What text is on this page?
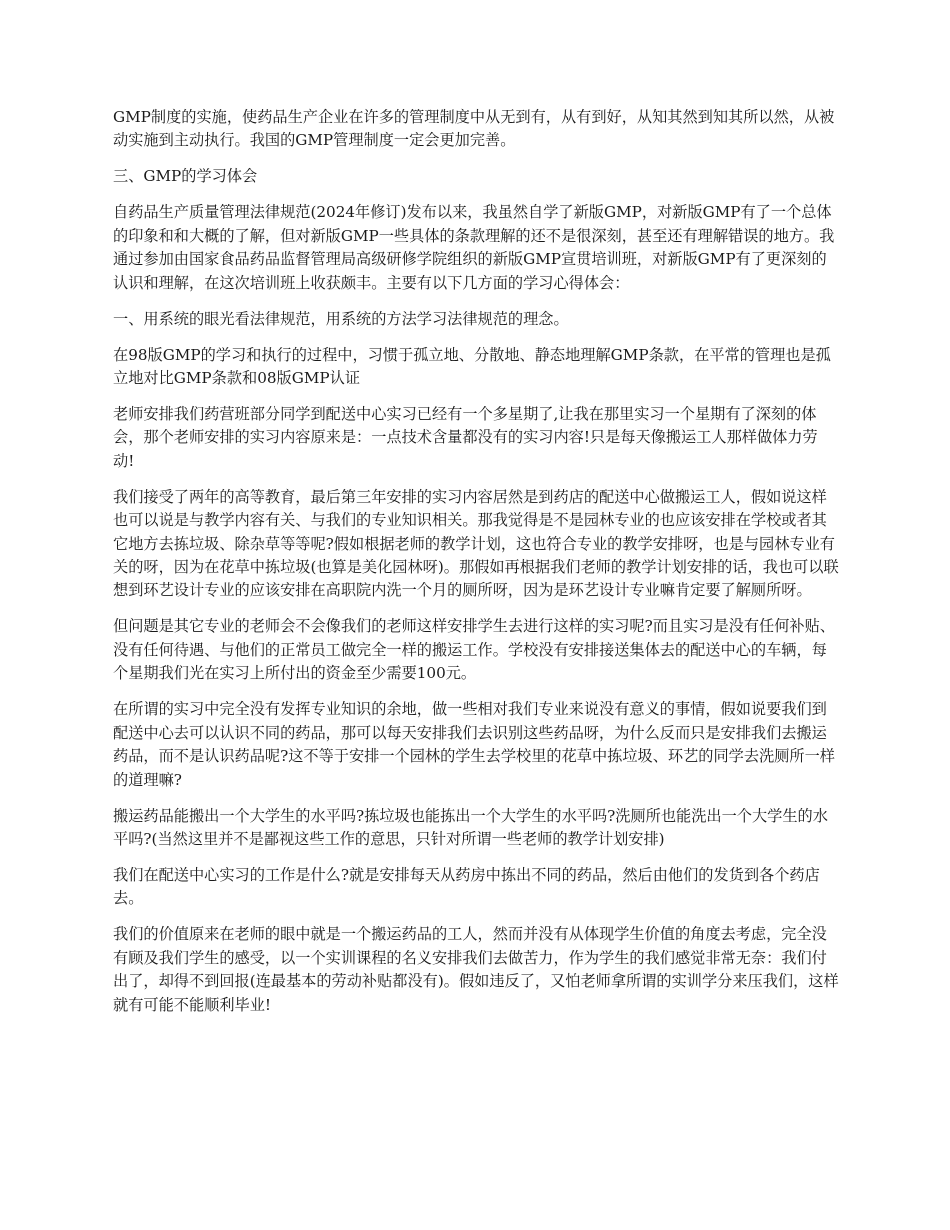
GMP制度的实施，使药品生产企业在许多的管理制度中从无到有，从有到好，从知其然到知其所以然，从被动实施到主动执行。我国的GMP管理制度一定会更加完善。

三、GMP的学习体会

自药品生产质量管理法律规范(2024年修订)发布以来，我虽然自学了新版GMP，对新版GMP有了一个总体的印象和和大概的了解，但对新版GMP一些具体的条款理解的还不是很深刻，甚至还有理解错误的地方。我通过参加由国家食品药品监督管理局高级研修学院组织的新版GMP宣贯培训班，对新版GMP有了更深刻的认识和理解，在这次培训班上收获颇丰。主要有以下几方面的学习心得体会：

一、用系统的眼光看法律规范，用系统的方法学习法律规范的理念。

在98版GMP的学习和执行的过程中，习惯于孤立地、分散地、静态地理解GMP条款，在平常的管理也是孤立地对比GMP条款和08版GMP认证

老师安排我们药营班部分同学到配送中心实习已经有一个多星期了,让我在那里实习一个星期有了深刻的体会，那个老师安排的实习内容原来是：一点技术含量都没有的实习内容!只是每天像搬运工人那样做体力劳动!

我们接受了两年的高等教育，最后第三年安排的实习内容居然是到药店的配送中心做搬运工人，假如说这样也可以说是与教学内容有关、与我们的专业知识相关。那我觉得是不是园林专业的也应该安排在学校或者其它地方去拣垃圾、除杂草等等呢?假如根据老师的教学计划，这也符合专业的教学安排呀，也是与园林专业有关的呀，因为在花草中拣垃圾(也算是美化园林呀)。那假如再根据我们老师的教学计划安排的话，我也可以联想到环艺设计专业的应该安排在高职院内洗一个月的厕所呀，因为是环艺设计专业嘛肯定要了解厕所呀。

但问题是其它专业的老师会不会像我们的老师这样安排学生去进行这样的实习呢?而且实习是没有任何补贴、没有任何待遇、与他们的正常员工做完全一样的搬运工作。学校没有安排接送集体去的配送中心的车辆，每个星期我们光在实习上所付出的资金至少需要100元。

在所谓的实习中完全没有发挥专业知识的余地，做一些相对我们专业来说没有意义的事情，假如说要我们到配送中心去可以认识不同的药品，那可以每天安排我们去识别这些药品呀，为什么反而只是安排我们去搬运药品，而不是认识药品呢?这不等于安排一个园林的学生去学校里的花草中拣垃圾、环艺的同学去洗厕所一样的道理嘛?

搬运药品能搬出一个大学生的水平吗?拣垃圾也能拣出一个大学生的水平吗?洗厕所也能洗出一个大学生的水平吗?(当然这里并不是鄙视这些工作的意思，只针对所谓一些老师的教学计划安排)

我们在配送中心实习的工作是什么?就是安排每天从药房中拣出不同的药品，然后由他们的发货到各个药店去。

我们的价值原来在老师的眼中就是一个搬运药品的工人，然而并没有从体现学生价值的角度去考虑，完全没有顾及我们学生的感受，以一个实训课程的名义安排我们去做苦力，作为学生的我们感觉非常无奈：我们付出了，却得不到回报(连最基本的劳动补贴都没有)。假如违反了，又怕老师拿所谓的实训学分来压我们，这样就有可能不能顺利毕业!
